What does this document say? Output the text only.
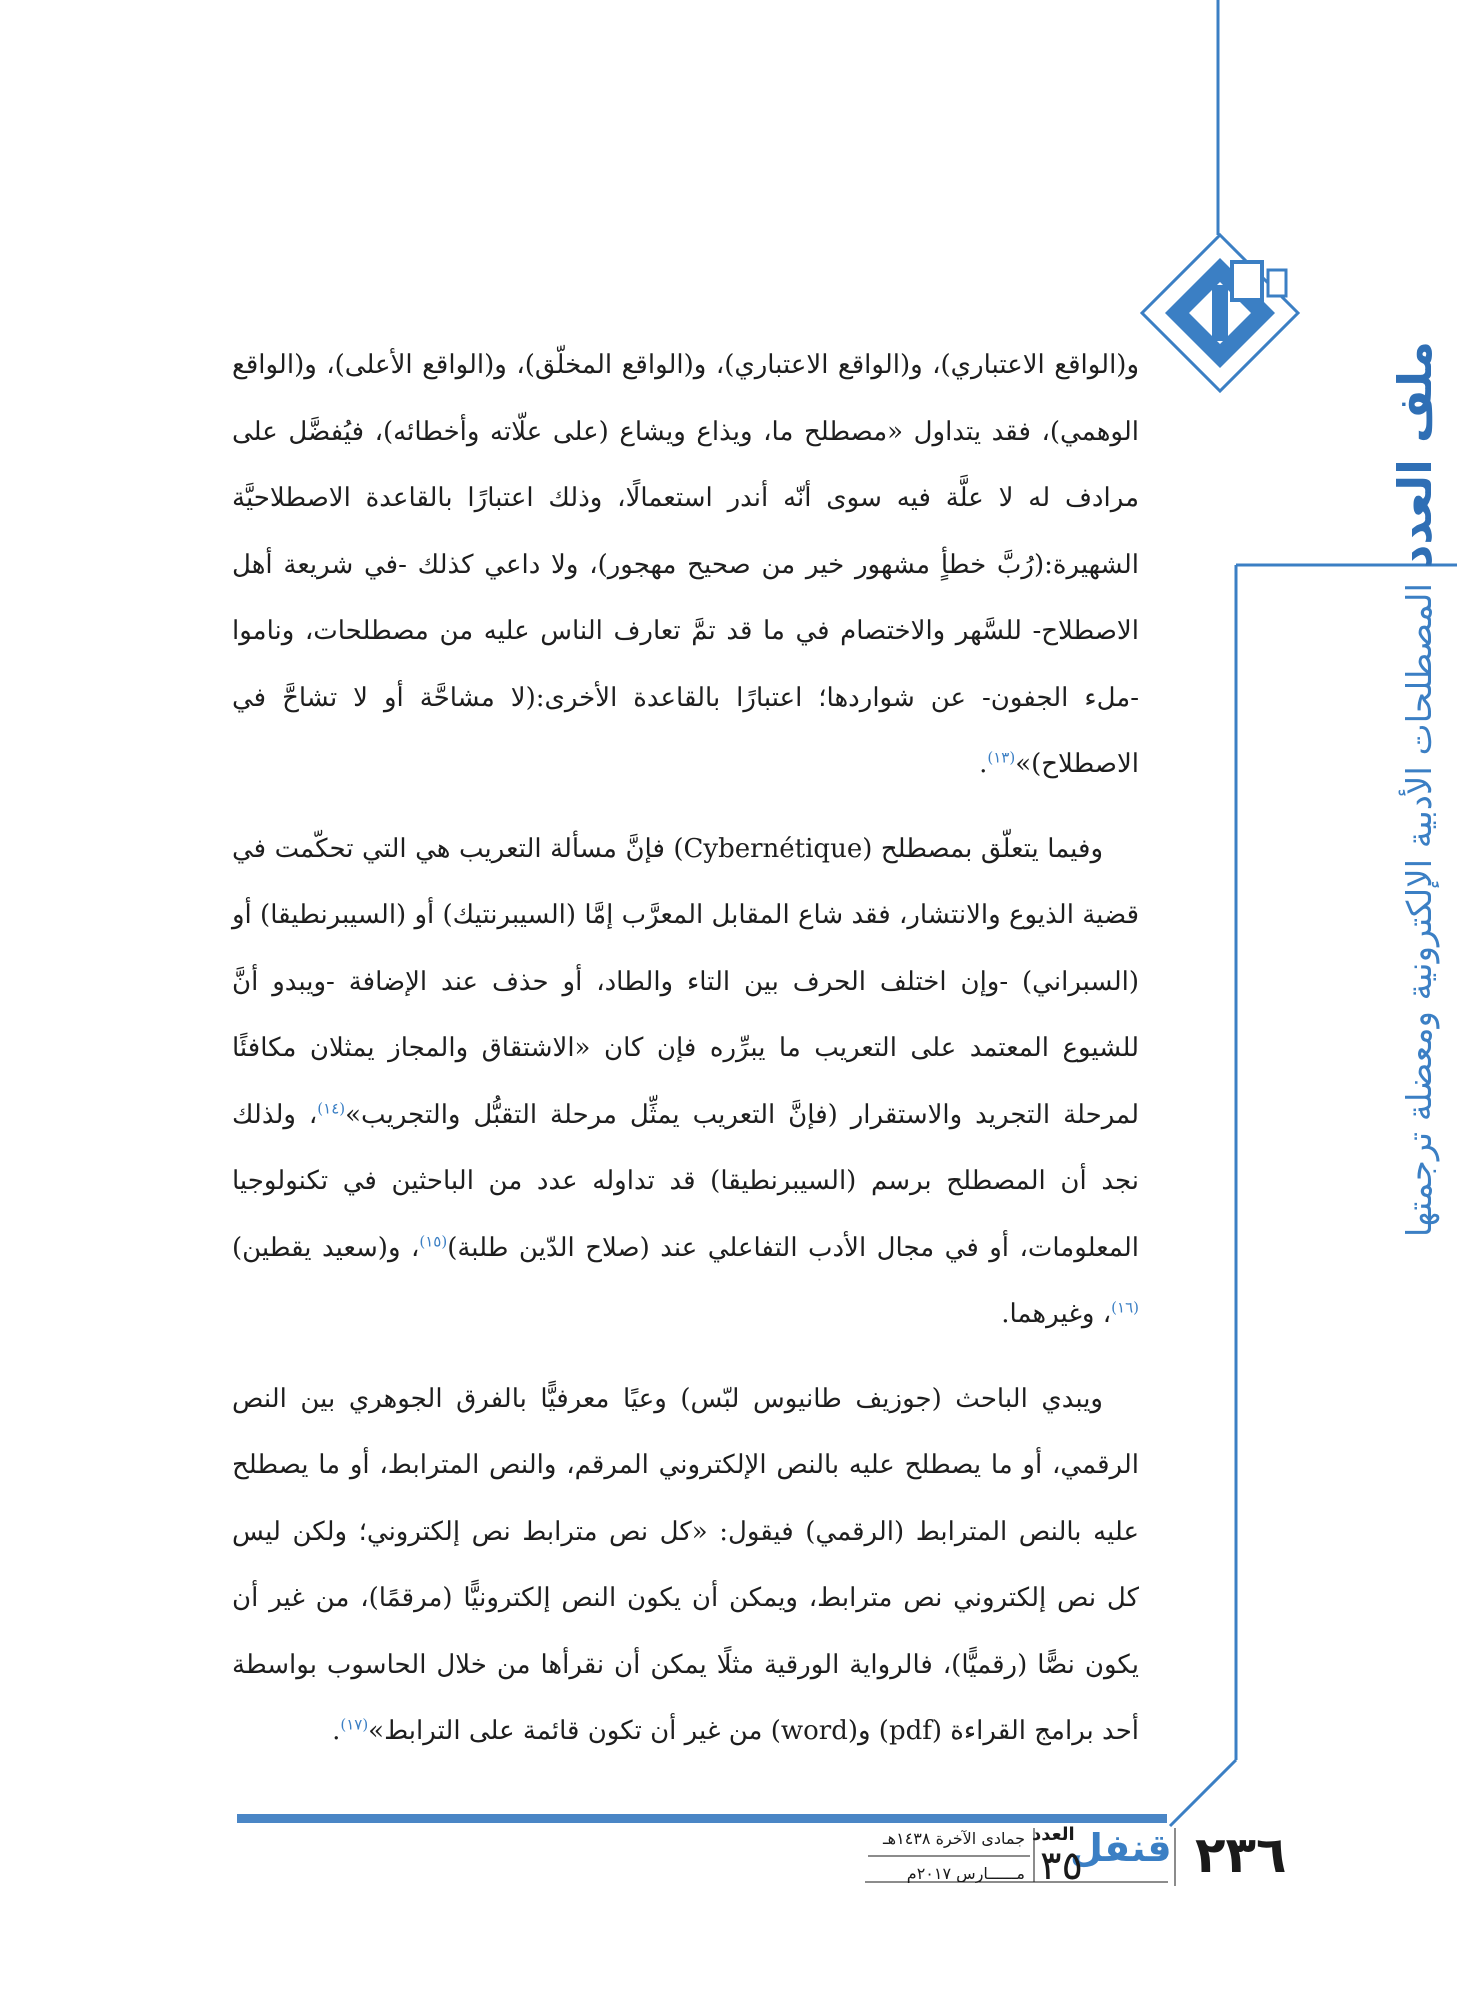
ملف العدد
المصطلحات الأدبية الإلكترونية ومعضلة ترجمتها

و(الواقع الاعتباري)، و(الواقع الاعتباري)، و(الواقع المخلّق)، و(الواقع الأعلى)، و(الواقع الوهمي)، فقد يتداول «مصطلح ما، ويذاع ويشاع (على علّاته وأخطائه)، فيُفضَّل على مرادف له لا علَّة فيه سوى أنّه أندر استعمالًا، وذلك اعتبارًا بالقاعدة الاصطلاحيَّة الشهيرة:(رُبَّ خطأٍ مشهور خير من صحيح مهجور)، ولا داعي كذلك -في شريعة أهل الاصطلاح- للسَّهر والاختصام في ما قد تمَّ تعارف الناس عليه من مصطلحات، وناموا -ملء الجفون- عن شواردها؛ اعتبارًا بالقاعدة الأخرى:(لا مشاحَّة أو لا تشاحَّ في الاصطلاح)»$^{(١٣)}$.

وفيما يتعلّق بمصطلح (Cybernétique) فإنَّ مسألة التعريب هي التي تحكّمت في قضية الذيوع والانتشار، فقد شاع المقابل المعرَّب إمَّا (السيبرنتيك) أو (السيبرنطيقا) أو (السبراني) -وإن اختلف الحرف بين التاء والطاد، أو حذف عند الإضافة -ويبدو أنَّ للشيوع المعتمد على التعريب ما يبرِّره فإن كان «الاشتقاق والمجاز يمثلان مكافئًا لمرحلة التجريد والاستقرار (فإنَّ التعريب يمثِّل مرحلة التقبُّل والتجريب»$^{(١٤)}$، ولذلك نجد أن المصطلح برسم (السيبرنطيقا) قد تداوله عدد من الباحثين في تكنولوجيا المعلومات، أو في مجال الأدب التفاعلي عند (صلاح الدّين طلبة)$^{(١٥)}$، و(سعيد يقطين)$^{(١٦)}$، وغيرهما.

ويبدي الباحث (جوزيف طانيوس لبّس) وعيًا معرفيًّا بالفرق الجوهري بين النص الرقمي، أو ما يصطلح عليه بالنص الإلكتروني المرقم، والنص المترابط، أو ما يصطلح عليه بالنص المترابط (الرقمي) فيقول: «كل نص مترابط نص إلكتروني؛ ولكن ليس كل نص إلكتروني نص مترابط، ويمكن أن يكون النص إلكترونيًّا (مرقمًا)، من غير أن يكون نصًّا (رقميًّا)، فالرواية الورقية مثلًا يمكن أن نقرأها من خلال الحاسوب بواسطة أحد برامج القراءة (pdf) و(word) من غير أن تكون قائمة على الترابط»$^{(١٧)}$.

٢٣٦
قنفل
العدد
٣٥
جمادى الآخرة ١٤٣٨هـ
مــــــارس ٢٠١٧م
